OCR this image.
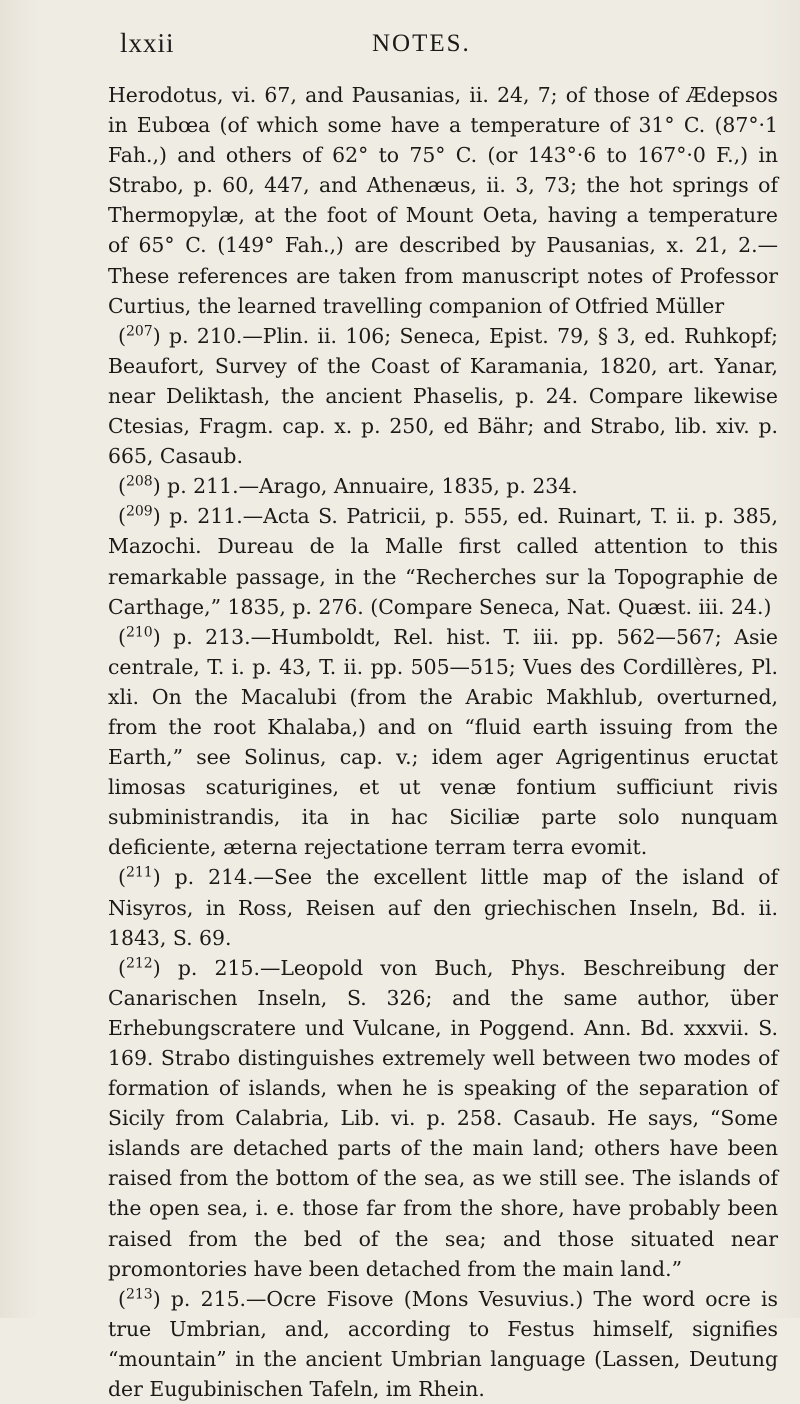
lxxii	NOTES.

Herodotus, vi. 67, and Pausanias, ii. 24, 7; of those of Ædepsos in Eubœa (of which some have a temperature of 31° C. (87°·1 Fah.,) and others of 62° to 75° C. (or 143°·6 to 167°·0 F.,) in Strabo, p. 60, 447, and Athenæus, ii. 3, 73; the hot springs of Thermopylæ, at the foot of Mount Oeta, having a temperature of 65° C. (149° Fah.,) are described by Pausanias, x. 21, 2.—These references are taken from manuscript notes of Professor Curtius, the learned travelling companion of Otfried Müller

($^{207}$) p. 210.—Plin. ii. 106; Seneca, Epist. 79, § 3, ed. Ruhkopf; Beaufort, Survey of the Coast of Karamania, 1820, art. Yanar, near Deliktash, the ancient Phaselis, p. 24. Compare likewise Ctesias, Fragm. cap. x. p. 250, ed Bähr; and Strabo, lib. xiv. p. 665, Casaub.

($^{208}$) p. 211.—Arago, Annuaire, 1835, p. 234.

($^{209}$) p. 211.—Acta S. Patricii, p. 555, ed. Ruinart, T. ii. p. 385, Mazochi. Dureau de la Malle first called attention to this remarkable passage, in the “Recherches sur la Topographie de Carthage,” 1835, p. 276. (Compare Seneca, Nat. Quæst. iii. 24.)

($^{210}$) p. 213.—Humboldt, Rel. hist. T. iii. pp. 562—567; Asie centrale, T. i. p. 43, T. ii. pp. 505—515; Vues des Cordillères, Pl. xli. On the Macalubi (from the Arabic Makhlub, overturned, from the root Khalaba,) and on “fluid earth issuing from the Earth,” see Solinus, cap. v.; idem ager Agrigentinus eructat limosas scaturigines, et ut venæ fontium sufficiunt rivis subministrandis, ita in hac Siciliæ parte solo nunquam deficiente, æterna rejectatione terram terra evomit.

($^{211}$) p. 214.—See the excellent little map of the island of Nisyros, in Ross, Reisen auf den griechischen Inseln, Bd. ii. 1843, S. 69.

($^{212}$) p. 215.—Leopold von Buch, Phys. Beschreibung der Canarischen Inseln, S. 326; and the same author, über Erhebungscratere und Vulcane, in Poggend. Ann. Bd. xxxvii. S. 169. Strabo distinguishes extremely well between two modes of formation of islands, when he is speaking of the separation of Sicily from Calabria, Lib. vi. p. 258. Casaub. He says, “Some islands are detached parts of the main land; others have been raised from the bottom of the sea, as we still see. The islands of the open sea, i. e. those far from the shore, have probably been raised from the bed of the sea; and those situated near promontories have been detached from the main land.”

($^{213}$) p. 215.—Ocre Fisove (Mons Vesuvius.) The word ocre is true Umbrian, and, according to Festus himself, signifies “mountain” in the ancient Umbrian language (Lassen, Deutung der Eugubinischen Tafeln, im Rhein.
